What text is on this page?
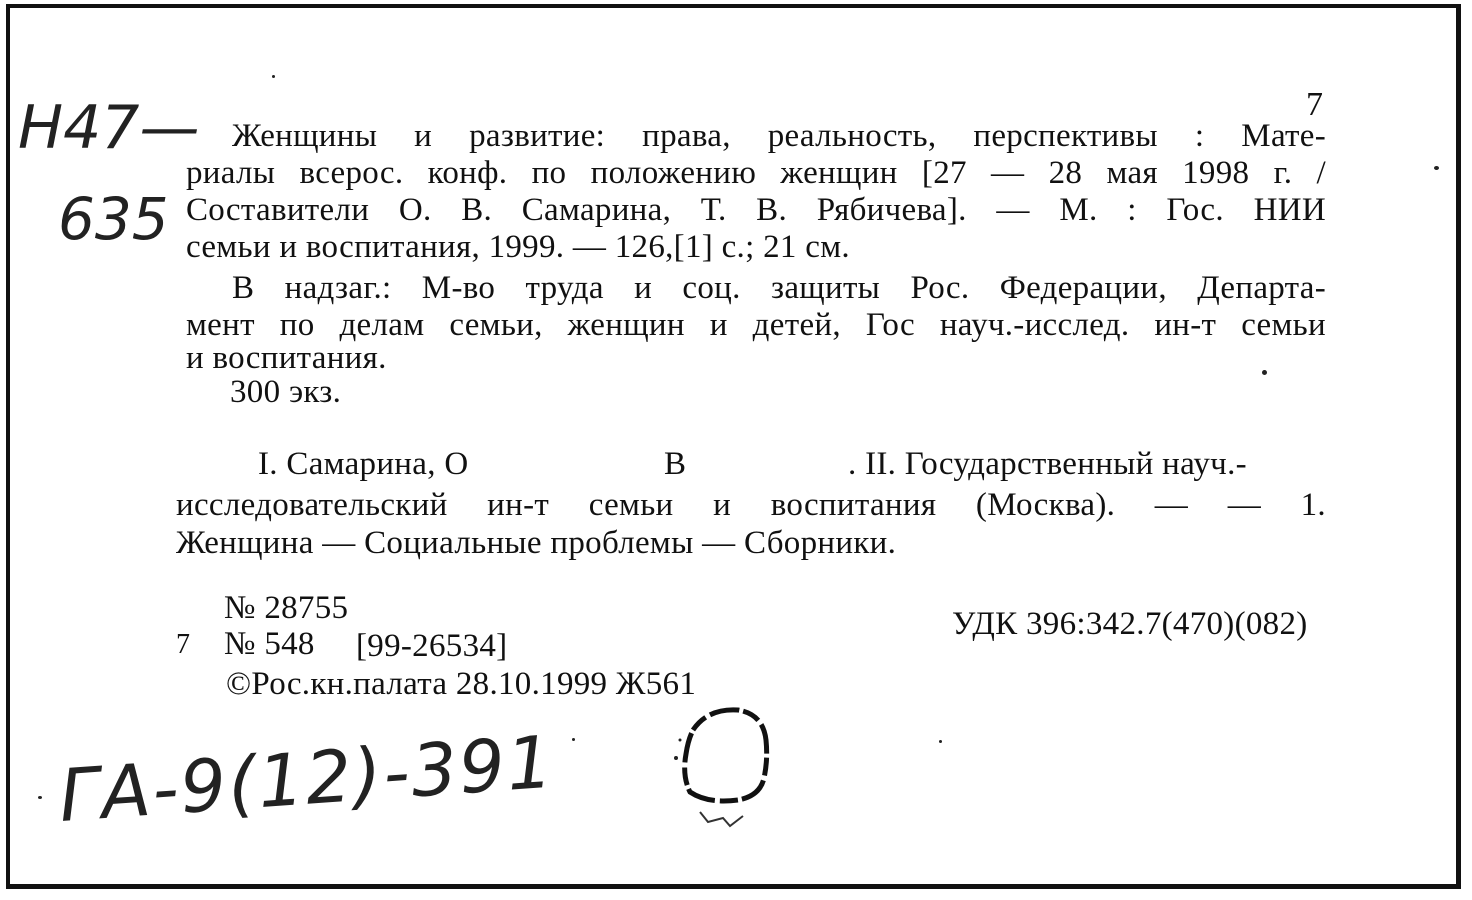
7
Н47—
635
Женщины и развитие: права, реальность, перспективы : Мате-
риалы всерос. конф. по положению женщин [27 — 28 мая 1998 г. /
Составители О. В. Самарина, Т. В. Рябичева]. — М. : Гос. НИИ
семьи и воспитания, 1999. — 126,[1] с.; 21 см.
В надзаг.: М-во труда и соц. защиты Рос. Федерации, Департа-
мент по делам семьи, женщин и детей, Гос науч.-исслед. ин-т семьи
и воспитания.
300 экз.
I. Самарина, О	В	. II. Государственный науч.-
исследовательский ин-т семьи и воспитания (Москва). — — 1.
Женщина — Социальные проблемы — Сборники.
№ 28755
7 № 548 [99-26534]
©Рос.кн.палата 28.10.1999 Ж561
УДК 396:342.7(470)(082)
ГА-9(12)-391
